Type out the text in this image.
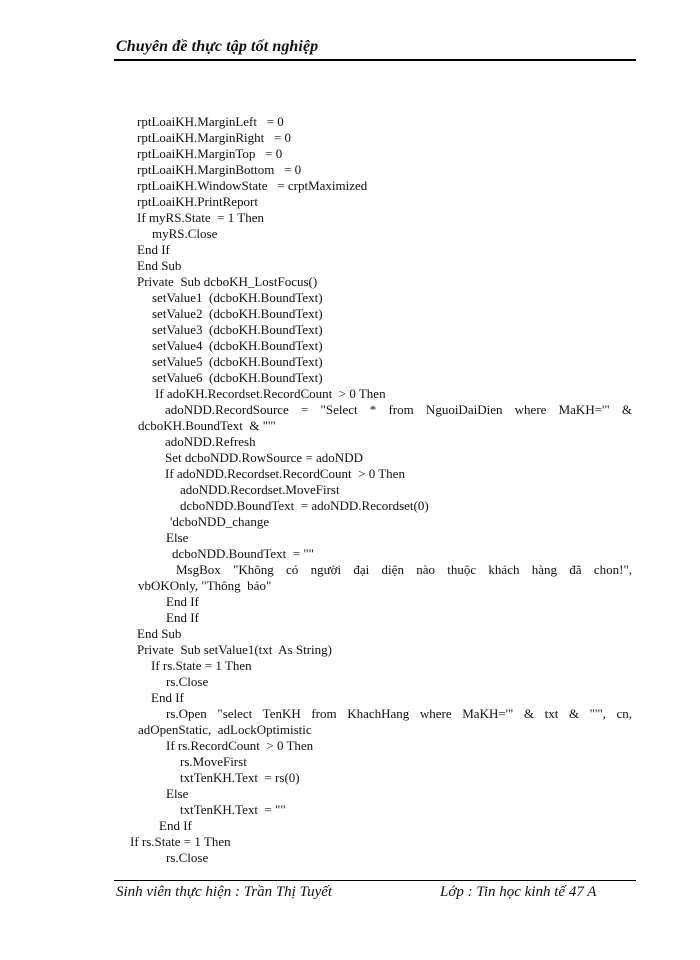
Chuyên đề thực tập tốt nghiệp
rptLoaiKH.MarginLeft   = 0
rptLoaiKH.MarginRight   = 0
rptLoaiKH.MarginTop   = 0
rptLoaiKH.MarginBottom   = 0
rptLoaiKH.WindowState   = crptMaximized
rptLoaiKH.PrintReport
If myRS.State  = 1 Then
myRS.Close
End If
End Sub
Private  Sub dcboKH_LostFocus()
setValue1  (dcboKH.BoundText)
setValue2  (dcboKH.BoundText)
setValue3  (dcboKH.BoundText)
setValue4  (dcboKH.BoundText)
setValue5  (dcboKH.BoundText)
setValue6  (dcboKH.BoundText)
If adoKH.Recordset.RecordCount  > 0 Then
adoNDD.RecordSource = "Select * from NguoiDaiDien where MaKH='" &
dcboKH.BoundText  & "'"
adoNDD.Refresh
Set dcboNDD.RowSource = adoNDD
If adoNDD.Recordset.RecordCount  > 0 Then
adoNDD.Recordset.MoveFirst
dcboNDD.BoundText  = adoNDD.Recordset(0)
'dcboNDD_change
Else
dcboNDD.BoundText  = ""
MsgBox "Không có người đại diện nào thuộc khách hàng đã chon!",
vbOKOnly, "Thông  báo"
End If
End If
End Sub
Private  Sub setValue1(txt  As String)
If rs.State = 1 Then
rs.Close
End If
rs.Open "select TenKH from KhachHang where MaKH='" & txt & "'", cn,
adOpenStatic,  adLockOptimistic
If rs.RecordCount  > 0 Then
rs.MoveFirst
txtTenKH.Text  = rs(0)
Else
txtTenKH.Text  = ""
End If
If rs.State = 1 Then
rs.Close
Sinh viên thực hiện : Trần Thị Tuyết	Lớp : Tin học kinh tế 47 A
